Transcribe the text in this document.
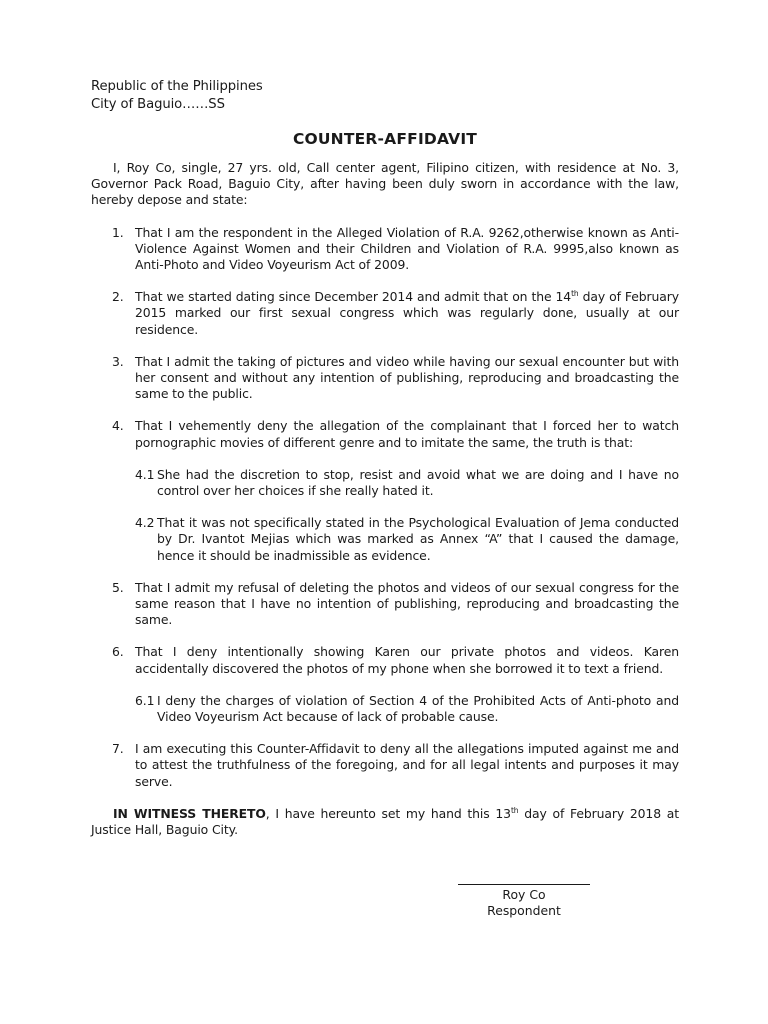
Republic of the Philippines
City of Baguio……SS
COUNTER-AFFIDAVIT

I, Roy Co, single, 27 yrs. old, Call center agent, Filipino citizen, with residence at No. 3, Governor Pack Road, Baguio City, after having been duly sworn in accordance with the law, hereby depose and state:

1. That I am the respondent in the Alleged Violation of R.A. 9262,otherwise known as Anti-Violence Against Women and their Children and Violation of R.A. 9995,also known as Anti-Photo and Video Voyeurism Act of 2009.
2. That we started dating since December 2014 and admit that on the 14th day of February 2015 marked our first sexual congress which was regularly done, usually at our residence.
3. That I admit the taking of pictures and video while having our sexual encounter but with her consent and without any intention of publishing, reproducing and broadcasting the same to the public.
4. That I vehemently deny the allegation of the complainant that I forced her to watch pornographic movies of different genre and to imitate the same, the truth is that:
4.1 She had the discretion to stop, resist and avoid what we are doing and I have no control over her choices if she really hated it.
4.2 That it was not specifically stated in the Psychological Evaluation of Jema conducted by Dr. Ivantot Mejias which was marked as Annex “A” that I caused the damage, hence it should be inadmissible as evidence.
5. That I admit my refusal of deleting the photos and videos of our sexual congress for the same reason that I have no intention of publishing, reproducing and broadcasting the same.
6. That I deny intentionally showing Karen our private photos and videos. Karen accidentally discovered the photos of my phone when she borrowed it to text a friend.
6.1 I deny the charges of violation of Section 4 of the Prohibited Acts of Anti-photo and Video Voyeurism Act because of lack of probable cause.
7. I am executing this Counter-Affidavit to deny all the allegations imputed against me and to attest the truthfulness of the foregoing, and for all legal intents and purposes it may serve.

IN WITNESS THERETO, I have hereunto set my hand this 13th day of February 2018 at Justice Hall, Baguio City.

Roy Co
Respondent
